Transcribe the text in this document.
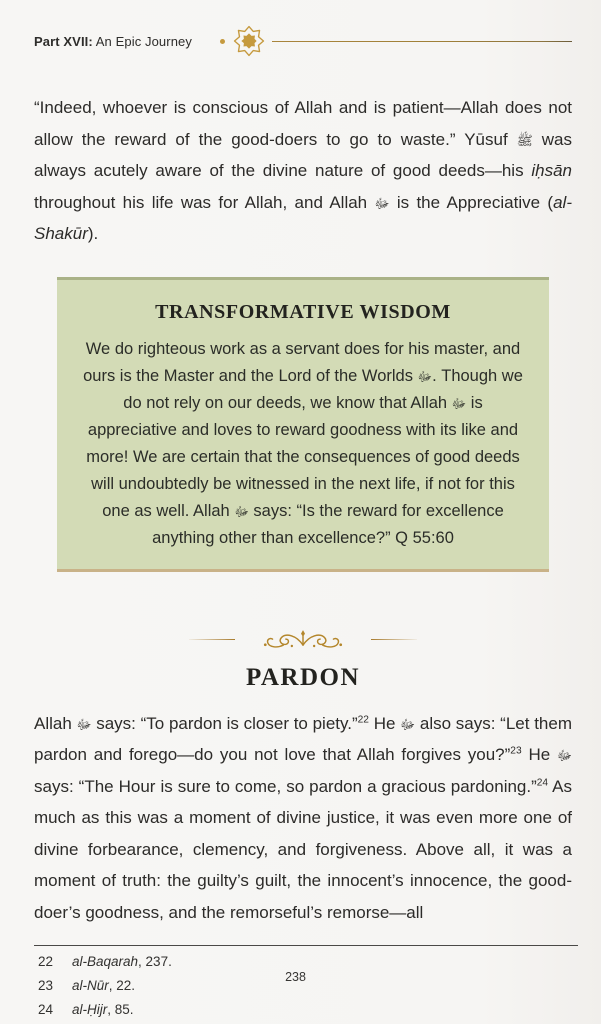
Part XVII: An Epic Journey

“Indeed, whoever is conscious of Allah and is patient—Allah does not allow the reward of the good-doers to go to waste.” Yūsuf ﷺ was always acutely aware of the divine nature of good deeds—his iḥsān throughout his life was for Allah, and Allah ﷻ is the Appreciative (al-Shakūr).

TRANSFORMATIVE WISDOM
We do righteous work as a servant does for his master, and ours is the Master and the Lord of the Worlds ﷻ. Though we do not rely on our deeds, we know that Allah ﷻ is appreciative and loves to reward goodness with its like and more! We are certain that the consequences of good deeds will undoubtedly be witnessed in the next life, if not for this one as well. Allah ﷻ says: “Is the reward for excellence anything other than excellence?” Q 55:60
PARDON

Allah ﷻ says: “To pardon is closer to piety.”$^{22}$ He ﷻ also says: “Let them pardon and forego—do you not love that Allah forgives you?”$^{23}$ He ﷻ says: “The Hour is sure to come, so pardon a gracious pardoning.”$^{24}$ As much as this was a moment of divine justice, it was even more one of divine forbearance, clemency, and forgiveness. Above all, it was a moment of truth: the guilty’s guilt, the innocent’s innocence, the good-doer’s goodness, and the remorseful’s remorse—all

22	al-Baqarah, 237.
23	al-Nūr, 22.
24	al-Ḥijr, 85.
238
